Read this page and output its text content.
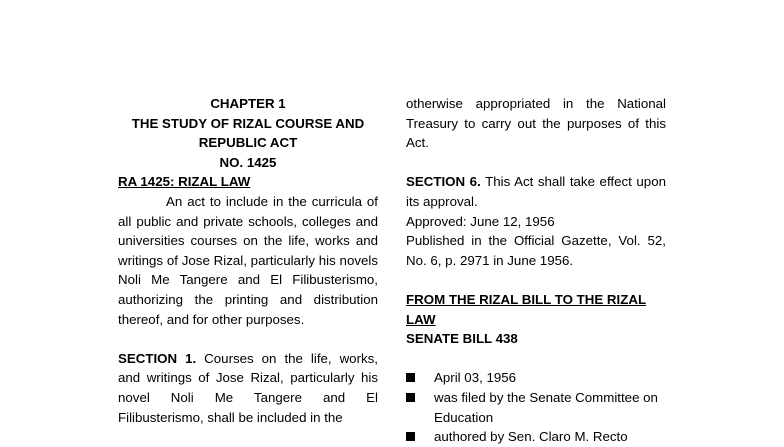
CHAPTER 1
THE STUDY OF RIZAL COURSE AND
REPUBLIC ACT
NO. 1425
RA 1425: RIZAL LAW
An act to include in the curricula of all public and private schools, colleges and universities courses on the life, works and writings of Jose Rizal, particularly his novels Noli Me Tangere and El Filibusterismo, authorizing the printing and distribution thereof, and for other purposes.
SECTION 1. Courses on the life, works, and writings of Jose Rizal, particularly his novel Noli Me Tangere and El Filibusterismo, shall be included in the
otherwise appropriated in the National Treasury to carry out the purposes of this Act.
SECTION 6. This Act shall take effect upon its approval.
Approved: June 12, 1956
Published in the Official Gazette, Vol. 52, No. 6, p. 2971 in June 1956.
FROM THE RIZAL BILL TO THE RIZAL LAW
SENATE BILL 438
April 03, 1956
was filed by the Senate Committee on Education
authored by Sen. Claro M. Recto
